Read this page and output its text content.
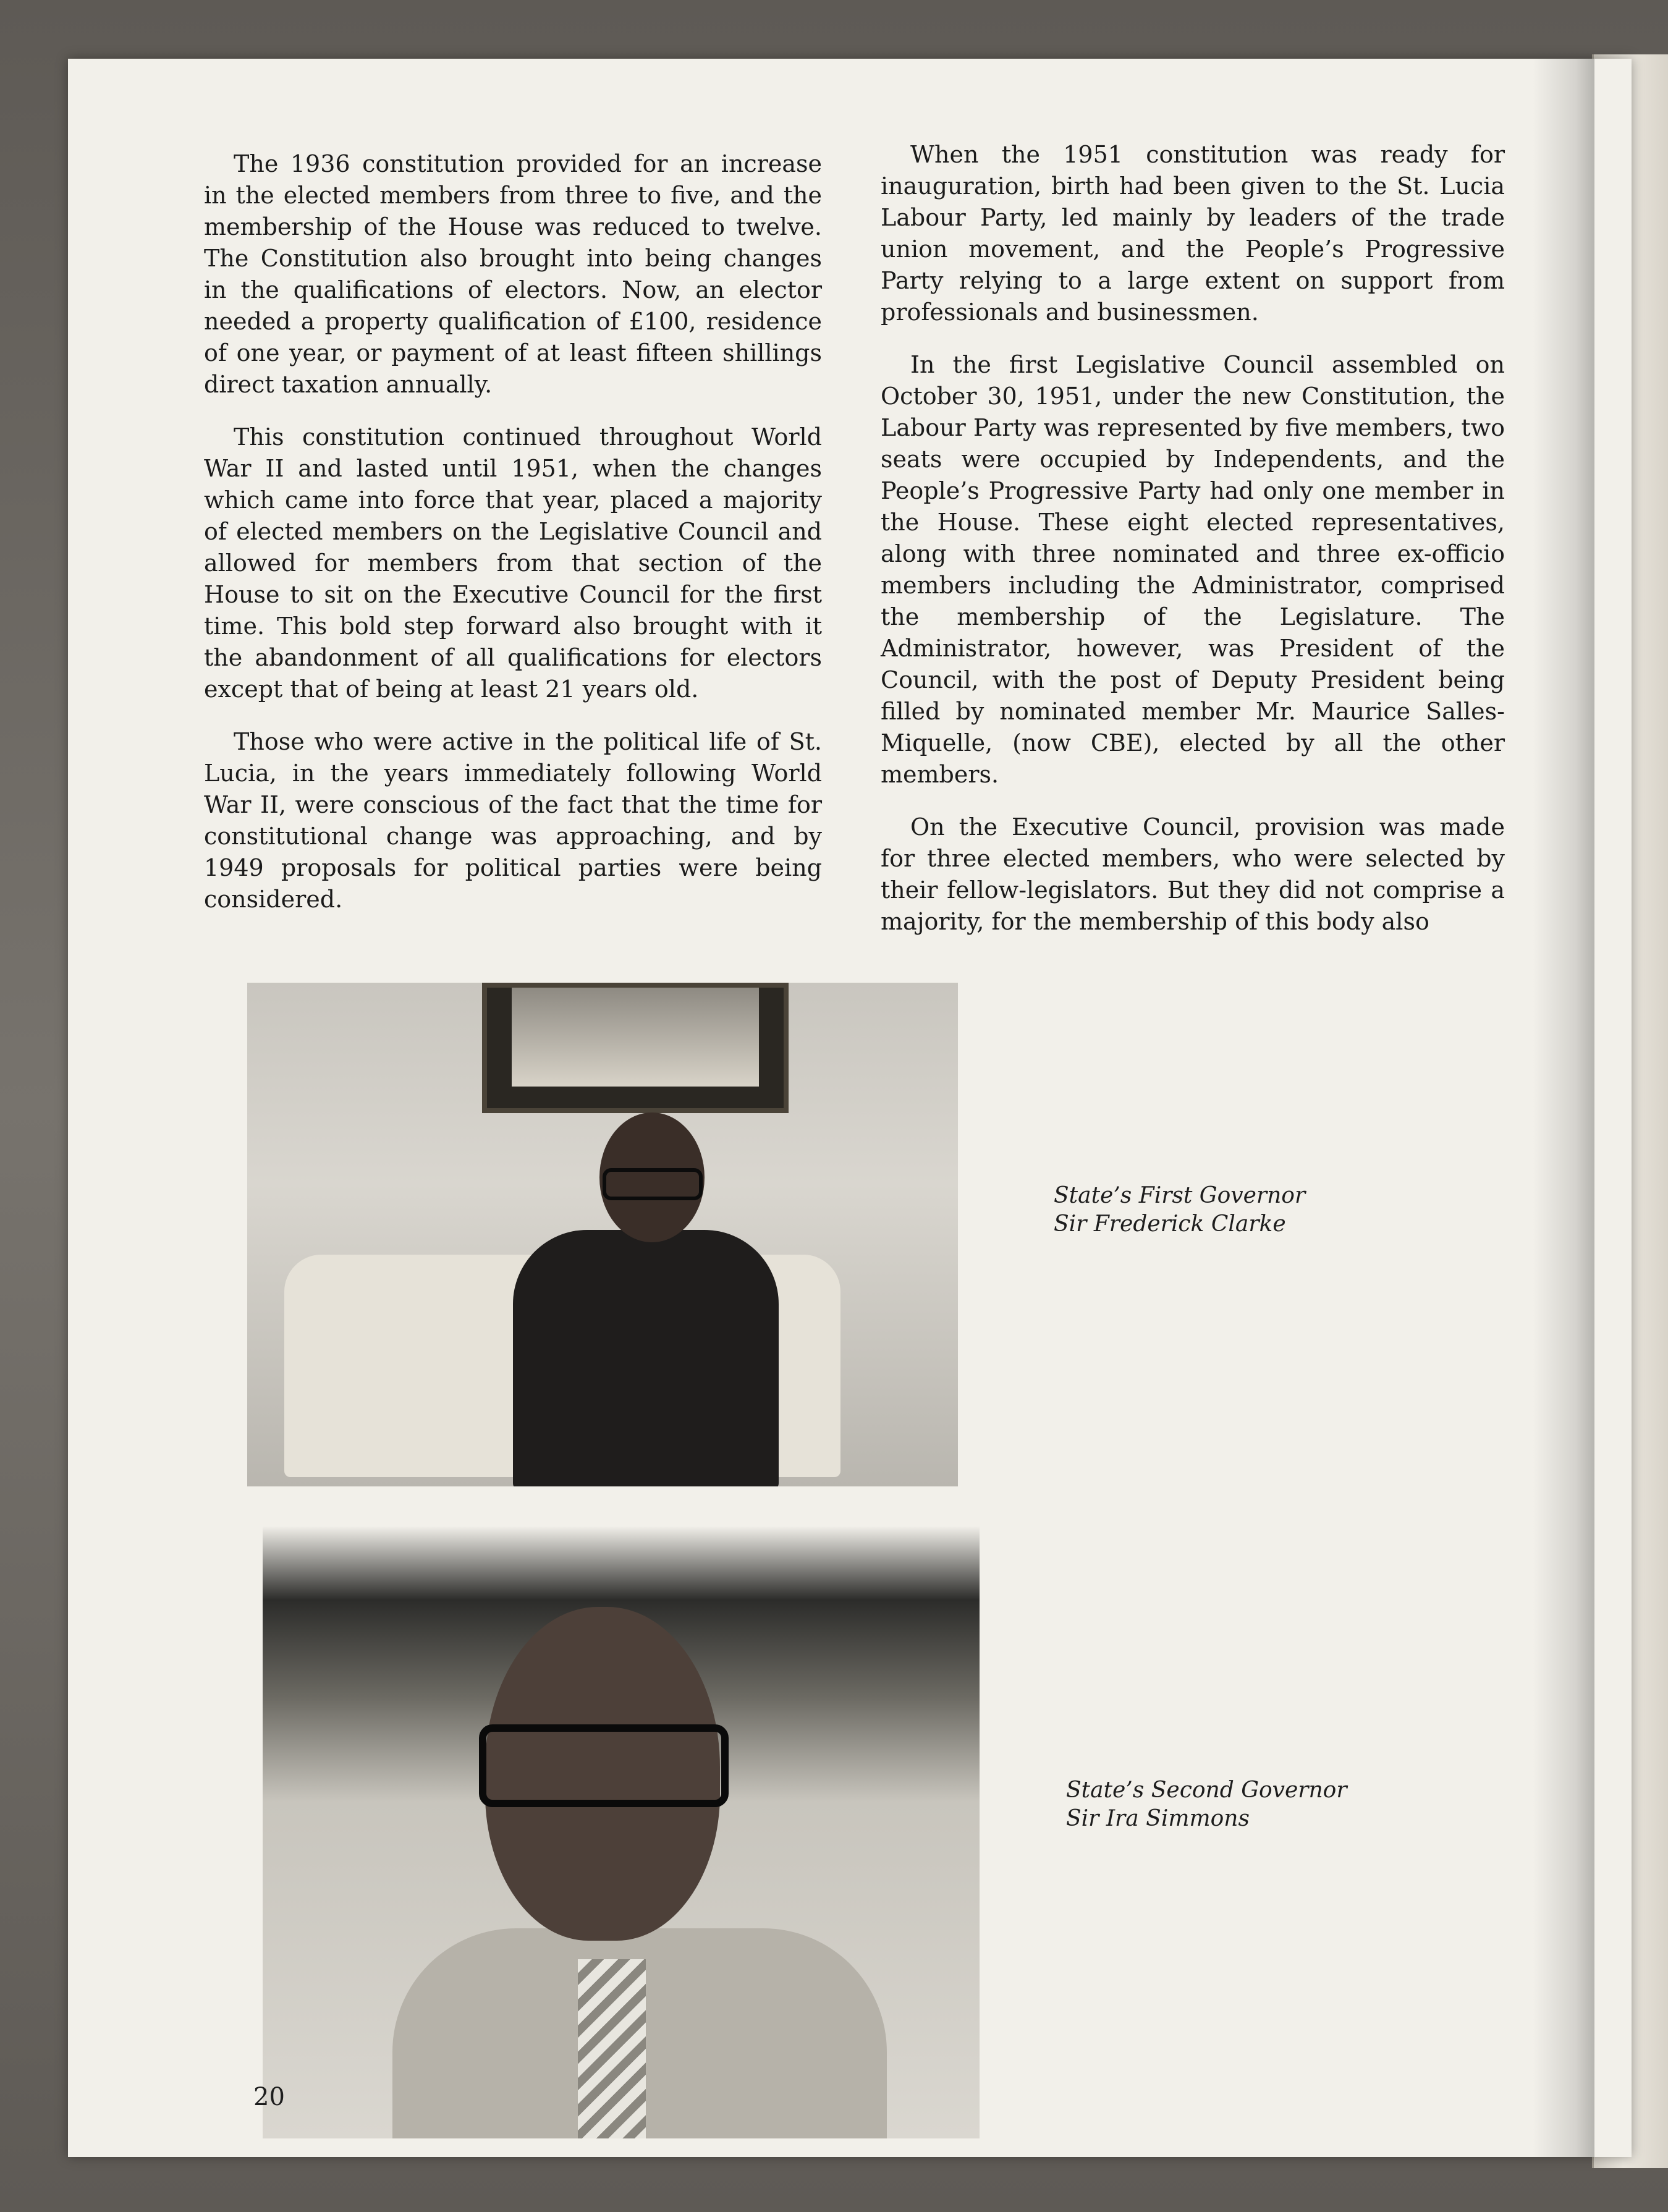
The 1936 constitution provided for an increase in the elected members from three to five, and the membership of the House was reduced to twelve. The Constitution also brought into being changes in the qualifications of electors. Now, an elector needed a property qualification of £100, residence of one year, or payment of at least fifteen shillings direct taxation annually.

This constitution continued throughout World War II and lasted until 1951, when the changes which came into force that year, placed a majority of elected members on the Legislative Council and allowed for members from that section of the House to sit on the Executive Council for the first time. This bold step forward also brought with it the abandonment of all qualifications for electors except that of being at least 21 years old.

Those who were active in the political life of St. Lucia, in the years immediately following World War II, were conscious of the fact that the time for constitutional change was approaching, and by 1949 proposals for political parties were being considered.

When the 1951 constitution was ready for inauguration, birth had been given to the St. Lucia Labour Party, led mainly by leaders of the trade union movement, and the People’s Progressive Party relying to a large extent on support from professionals and businessmen.

In the first Legislative Council assembled on October 30, 1951, under the new Constitution, the Labour Party was represented by five members, two seats were occupied by Independents, and the People’s Progressive Party had only one member in the House. These eight elected representatives, along with three nominated and three ex-officio members including the Administrator, comprised the membership of the Legislature. The Administrator, however, was President of the Council, with the post of Deputy President being filled by nominated member Mr. Maurice Salles-Miquelle, (now CBE), elected by all the other members.

On the Executive Council, provision was made for three elected members, who were selected by their fellow-legislators. But they did not comprise a majority, for the membership of this body also

State’s First Governor
Sir Frederick Clarke
State’s Second Governor
Sir Ira Simmons
20
